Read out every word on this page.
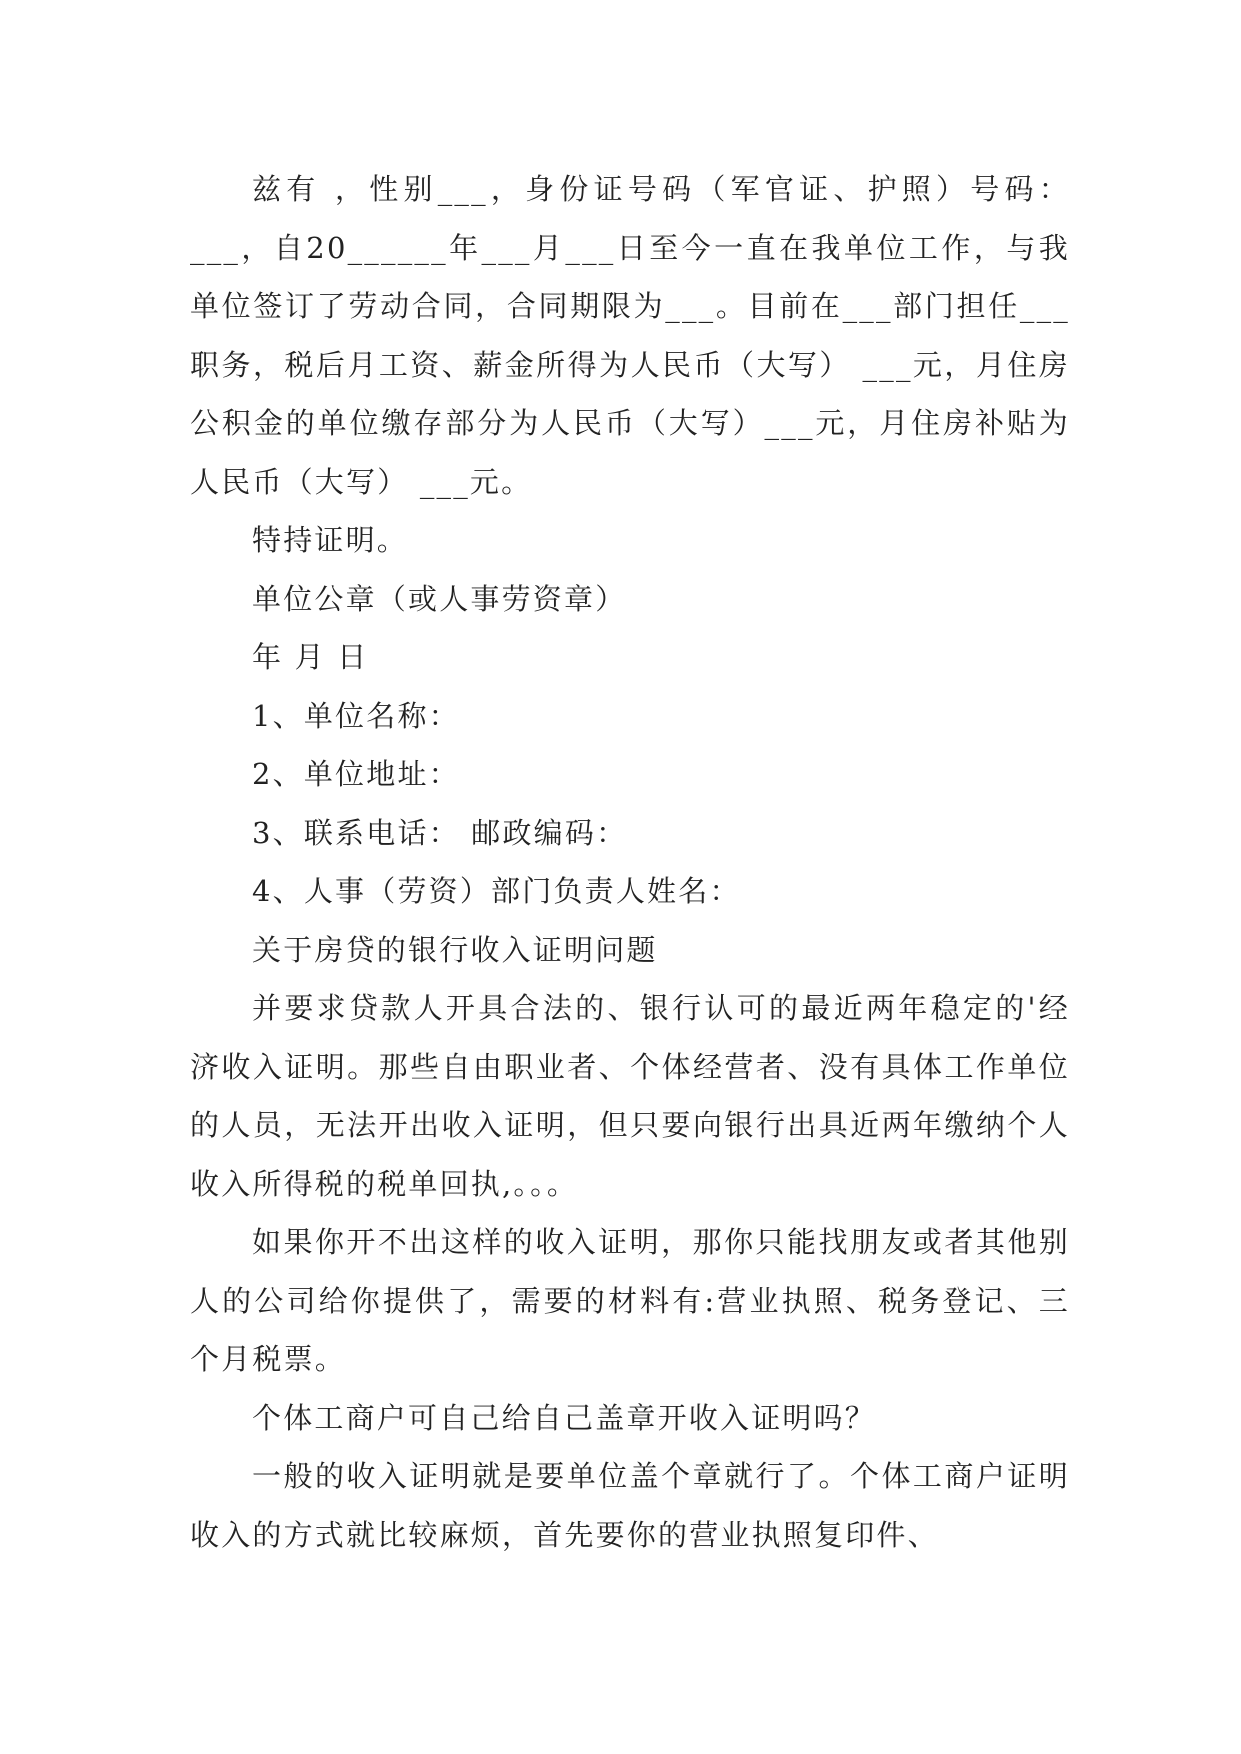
兹有 ，性别___，身份证号码（军官证、护照）号码：___，自20______年___月___日至今一直在我单位工作，与我单位签订了劳动合同，合同期限为___。目前在___部门担任___职务，税后月工资、薪金所得为人民币（大写） ___元，月住房公积金的单位缴存部分为人民币（大写）___元，月住房补贴为人民币（大写） ___元。

特持证明。

单位公章（或人事劳资章）

年 月 日

1、单位名称：

2、单位地址：

3、联系电话： 邮政编码：

4、人事（劳资）部门负责人姓名：

关于房贷的银行收入证明问题

并要求贷款人开具合法的、银行认可的最近两年稳定的'经济收入证明。那些自由职业者、个体经营者、没有具体工作单位的人员，无法开出收入证明，但只要向银行出具近两年缴纳个人收入所得税的税单回执,。。。

如果你开不出这样的收入证明，那你只能找朋友或者其他别人的公司给你提供了，需要的材料有:营业执照、税务登记、三个月税票。

个体工商户可自己给自己盖章开收入证明吗？

一般的收入证明就是要单位盖个章就行了。个体工商户证明收入的方式就比较麻烦，首先要你的营业执照复印件、
